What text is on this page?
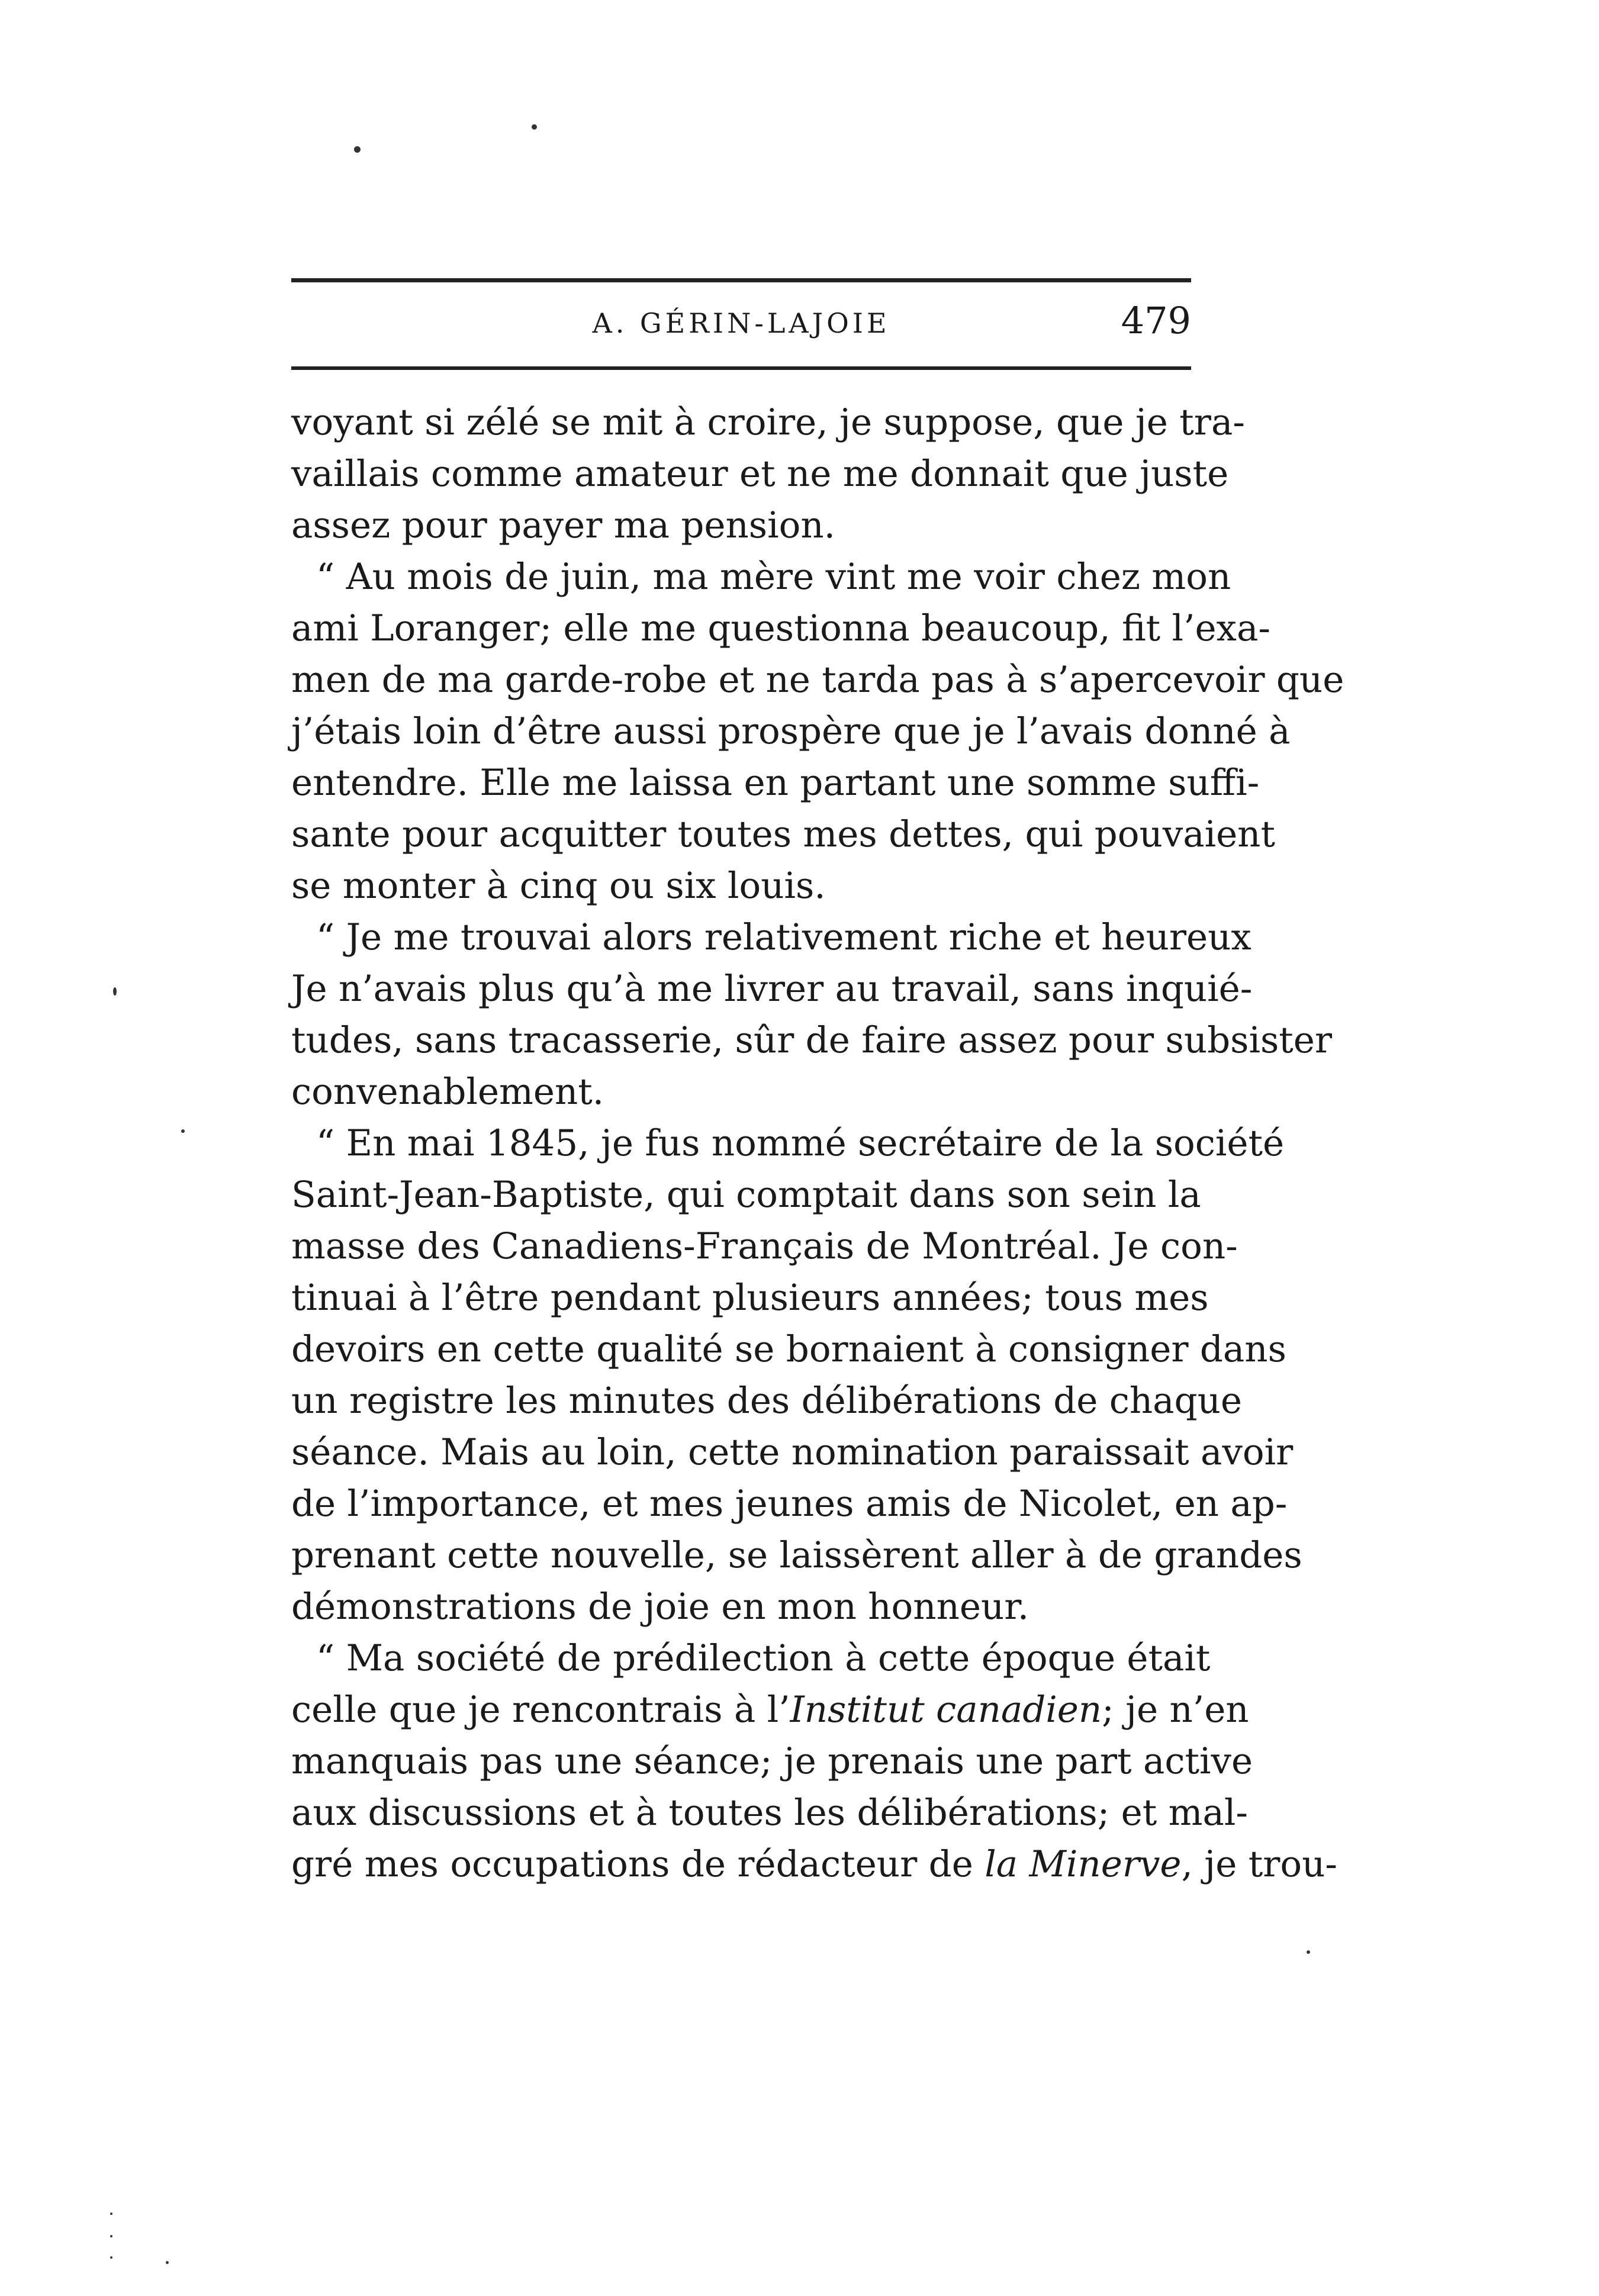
A. GÉRIN-LAJOIE	479
voyant si zélé se mit à croire, je suppose, que je tra-
vaillais comme amateur et ne me donnait que juste
assez pour payer ma pension.
“ Au mois de juin, ma mère vint me voir chez mon
ami Loranger; elle me questionna beaucoup, fit l’exa-
men de ma garde-robe et ne tarda pas à s’apercevoir que
j’étais loin d’être aussi prospère que je l’avais donné à
entendre. Elle me laissa en partant une somme suffi-
sante pour acquitter toutes mes dettes, qui pouvaient
se monter à cinq ou six louis.
“ Je me trouvai alors relativement riche et heureux
Je n’avais plus qu’à me livrer au travail, sans inquié-
tudes, sans tracasserie, sûr de faire assez pour subsister
convenablement.
“ En mai 1845, je fus nommé secrétaire de la société
Saint-Jean-Baptiste, qui comptait dans son sein la
masse des Canadiens-Français de Montréal. Je con-
tinuai à l’être pendant plusieurs années; tous mes
devoirs en cette qualité se bornaient à consigner dans
un registre les minutes des délibérations de chaque
séance. Mais au loin, cette nomination paraissait avoir
de l’importance, et mes jeunes amis de Nicolet, en ap-
prenant cette nouvelle, se laissèrent aller à de grandes
démonstrations de joie en mon honneur.
“ Ma société de prédilection à cette époque était
celle que je rencontrais à l’Institut canadien; je n’en
manquais pas une séance; je prenais une part active
aux discussions et à toutes les délibérations; et mal-
gré mes occupations de rédacteur de la Minerve, je trou-
